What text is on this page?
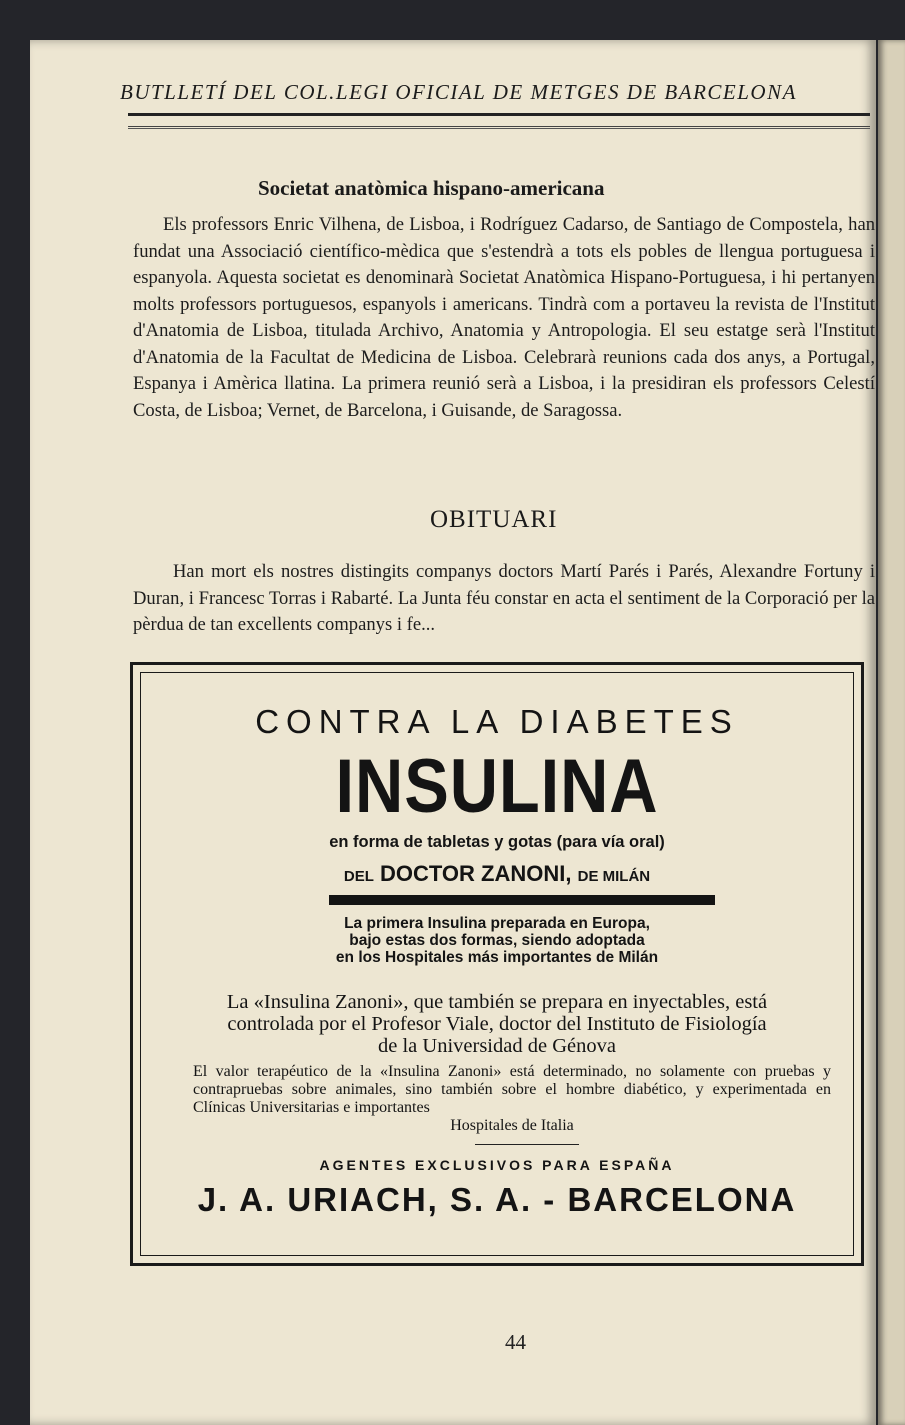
BUTLLETÍ DEL COL.LEGI OFICIAL DE METGES DE BARCELONA
Societat anatòmica hispano-americana
Els professors Enric Vilhena, de Lisboa, i Rodríguez Cadarso, de Santiago de Compostela, han fundat una Associació científico-mèdica que s'estendrà a tots els pobles de llengua portuguesa i espanyola. Aquesta societat es denominarà Societat Anatòmica Hispano-Portuguesa, i hi pertanyen molts professors portuguesos, espanyols i americans. Tindrà com a portaveu la revista de l'Institut d'Anatomia de Lisboa, titulada Archivo, Anatomia y Antropologia. El seu estatge serà l'Institut d'Anatomia de la Facultat de Medicina de Lisboa. Celebrarà reunions cada dos anys, a Portugal, Espanya i Amèrica llatina. La primera reunió serà a Lisboa, i la presidiran els professors Celestí Costa, de Lisboa; Vernet, de Barcelona, i Guisande, de Saragossa.
OBITUARI
Han mort els nostres distingits companys doctors Martí Parés i Parés, Alexandre Fortuny i Duran, i Francesc Torras i Rabarté. La Junta féu constar en acta el sentiment de la Corporació per la pèrdua de tan excellents companys i fe...
CONTRA LA DIABETES
INSULINA
en forma de tabletas y gotas (para vía oral)
DEL DOCTOR ZANONI, DE MILÁN
La primera Insulina preparada en Europa,
bajo estas dos formas, siendo adoptada
en los Hospitales más importantes de Milán
La «Insulina Zanoni», que también se prepara en inyectables, está
controlada por el Profesor Viale, doctor del Instituto de Fisiología
de la Universidad de Génova
El valor terapéutico de la «Insulina Zanoni» está determinado, no solamente con pruebas y contrapruebas sobre animales, sino también sobre el hombre diabético, y experimentada en Clínicas Universitarias e importantes
Hospitales de Italia
AGENTES EXCLUSIVOS PARA ESPAÑA
J. A. URIACH, S. A. - BARCELONA
44
